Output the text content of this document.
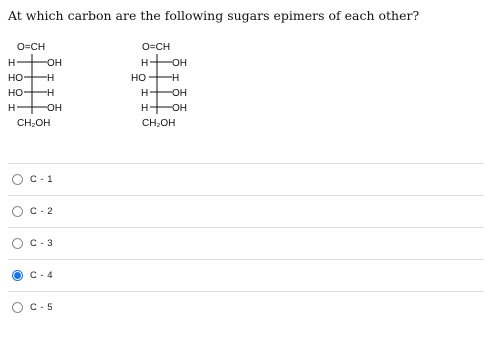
At which carbon are the following sugars epimers of each other?
O=CH
H	OH
HO H
HO H
H	OH
CH₂OH
O=CH
H OH
HO	H
H OH
H OH
CH₂OH
C - 1
C - 2
C - 3
C - 4
C - 5
